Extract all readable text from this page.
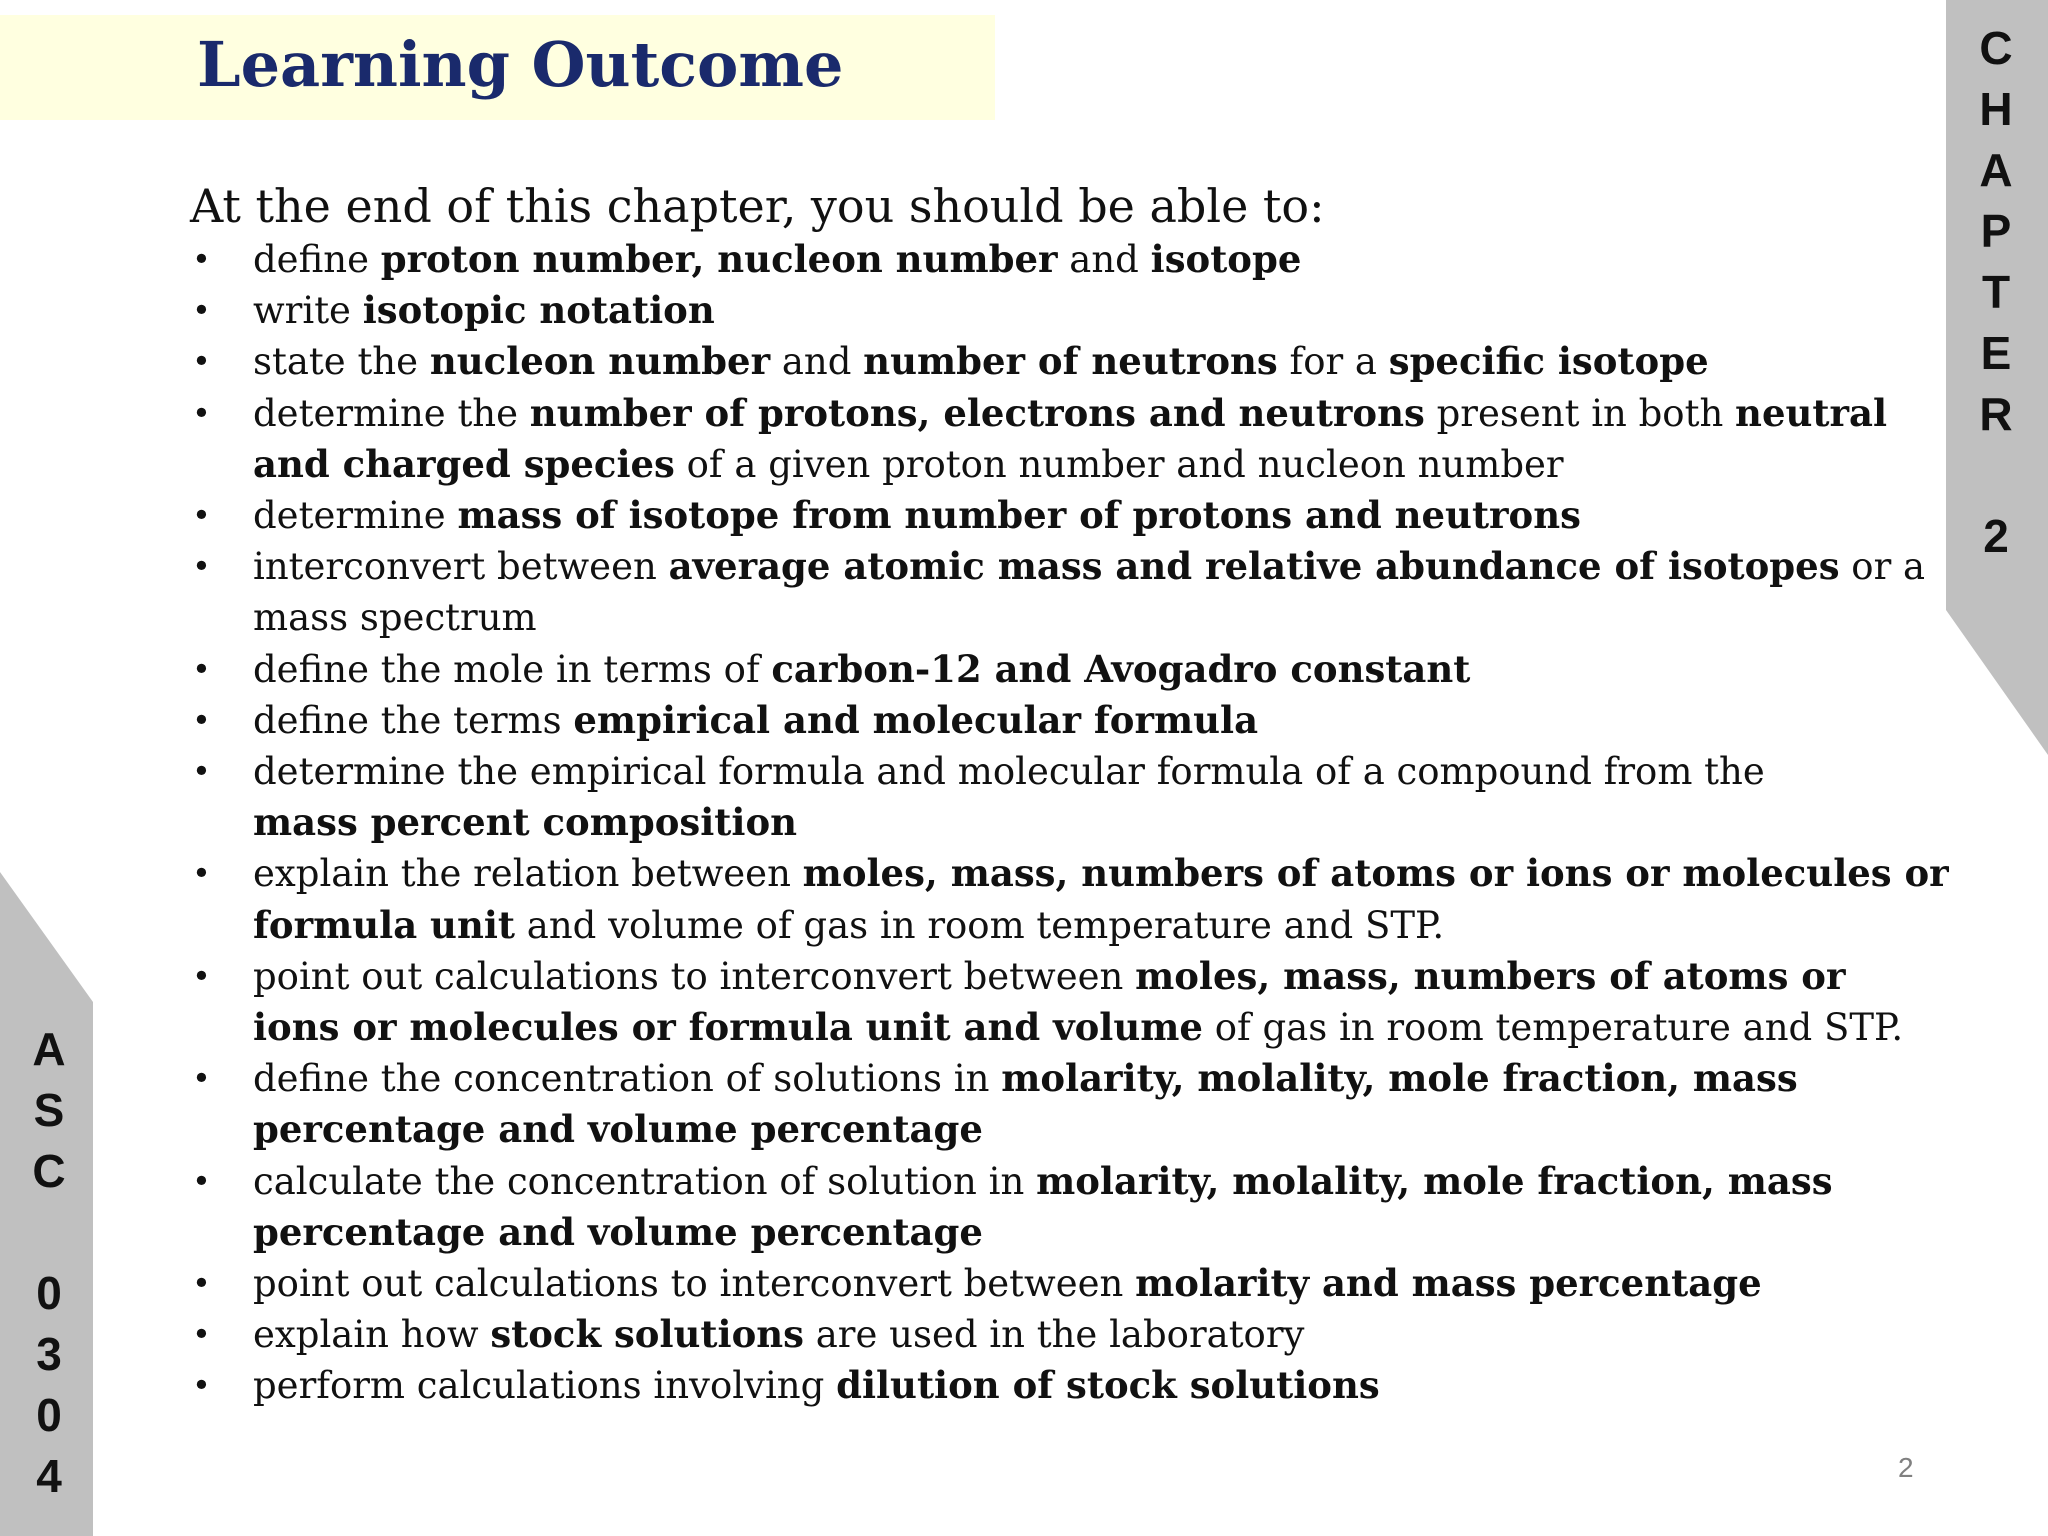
Learning Outcome	C
H
A
P
T
E
R
2
A
S
C
0
3
0
4

At the end of this chapter, you should be able to:

• define proton number, nucleon number and isotope
• write isotopic notation
• state the nucleon number and number of neutrons for a specific isotope
• determine the number of protons, electrons and neutrons present in both neutral
and charged species of a given proton number and nucleon number
• determine mass of isotope from number of protons and neutrons
• interconvert between average atomic mass and relative abundance of isotopes or a
mass spectrum
• define the mole in terms of carbon-12 and Avogadro constant
• define the terms empirical and molecular formula
• determine the empirical formula and molecular formula of a compound from the
mass percent composition
• explain the relation between moles, mass, numbers of atoms or ions or molecules or
formula unit and volume of gas in room temperature and STP.
• point out calculations to interconvert between moles, mass, numbers of atoms or
ions or molecules or formula unit and volume of gas in room temperature and STP.
• define the concentration of solutions in molarity, molality, mole fraction, mass
percentage and volume percentage
• calculate the concentration of solution in molarity, molality, mole fraction, mass
percentage and volume percentage
• point out calculations to interconvert between molarity and mass percentage
• explain how stock solutions are used in the laboratory
• perform calculations involving dilution of stock solutions
2
